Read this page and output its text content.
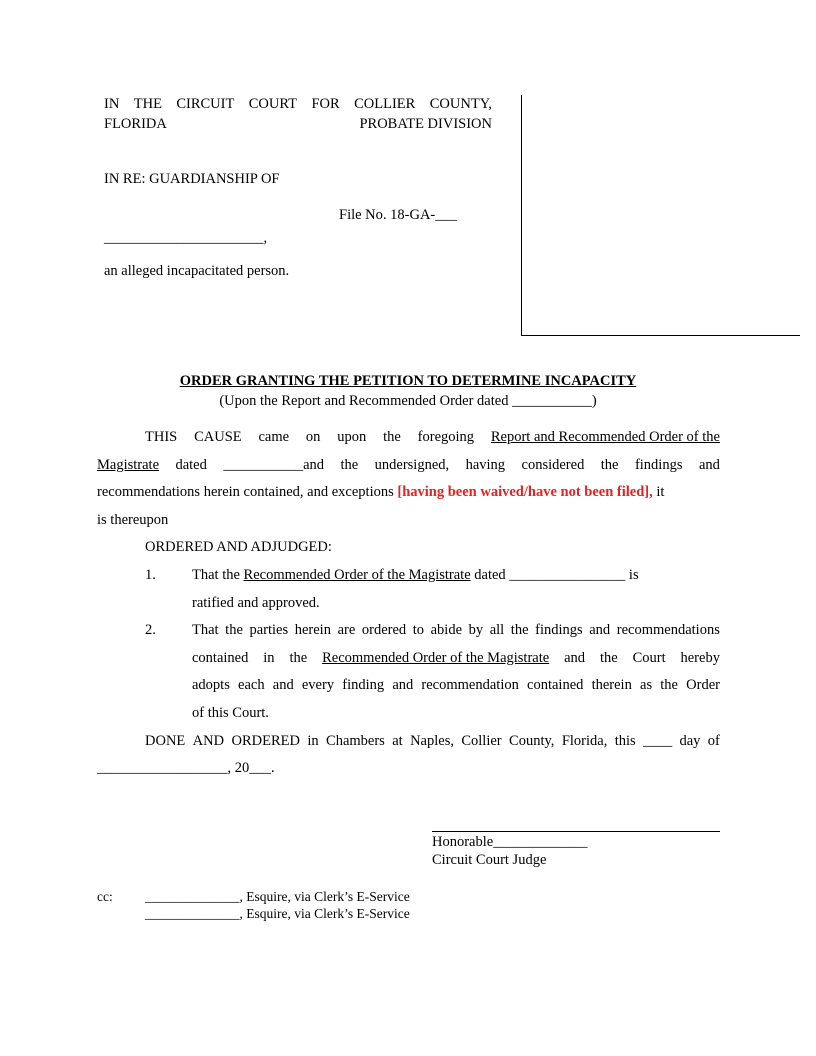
IN THE CIRCUIT COURT FOR COLLIER COUNTY,
FLORIDA	PROBATE DIVISION
IN RE: GUARDIANSHIP OF
File No. 18-GA-___
______________________,
an alleged incapacitated person.
ORDER GRANTING THE PETITION TO DETERMINE INCAPACITY
(Upon the Report and Recommended Order dated ___________)
THIS CAUSE came on upon the foregoing Report and Recommended Order of the
Magistrate dated ___________and the undersigned, having considered the findings and
recommendations herein contained, and exceptions [having been waived/have not been filed], it
is thereupon
ORDERED AND ADJUDGED:
1. That the Recommended Order of the Magistrate dated ________________ is
ratified and approved.
2. That the parties herein are ordered to abide by all the findings and recommendations
contained in the Recommended Order of the Magistrate and the Court hereby
adopts each and every finding and recommendation contained therein as the Order
of this Court.
DONE AND ORDERED in Chambers at Naples, Collier County, Florida, this ____ day of
__________________, 20___.
Honorable_____________
Circuit Court Judge
cc: ______________, Esquire, via Clerk’s E-Service
______________, Esquire, via Clerk’s E-Service
